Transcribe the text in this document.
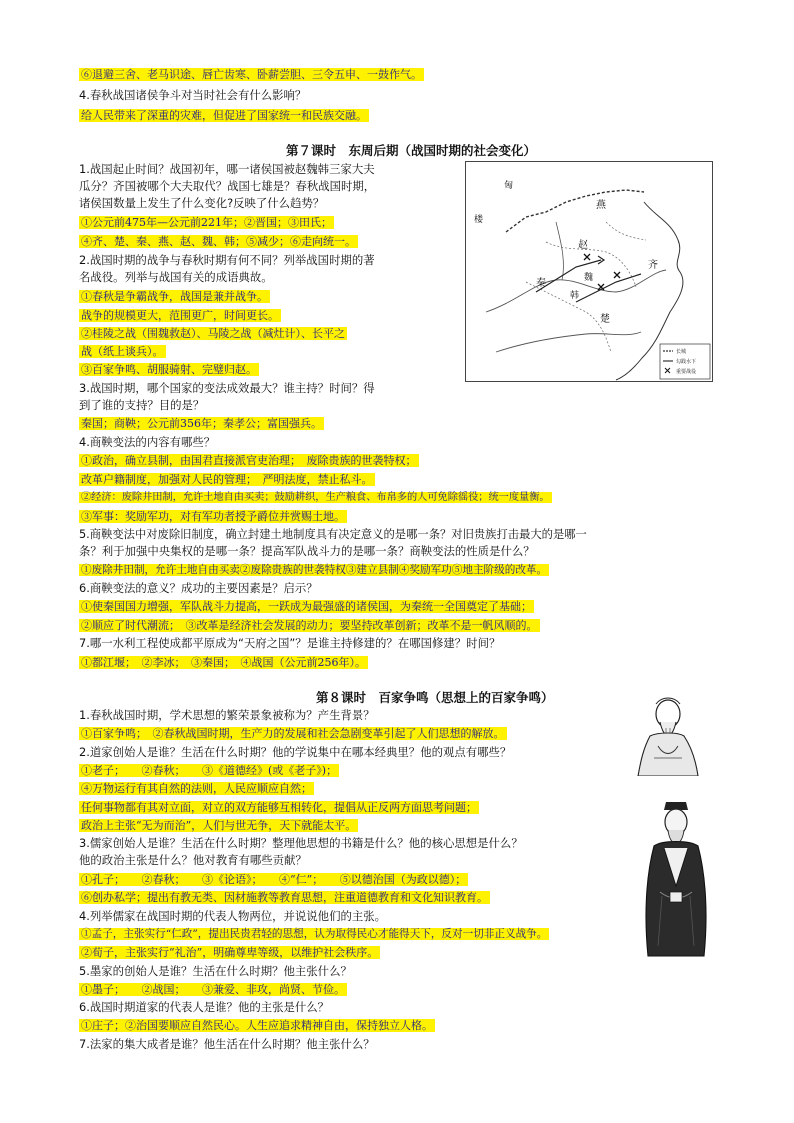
⑥退避三舍、老马识途、唇亡齿寒、卧薪尝胆、三令五申、一鼓作气。
4.春秋战国诸侯争斗对当时社会有什么影响？
给人民带来了深重的灾难，但促进了国家统一和民族交融。
第７课时　东周后期（战国时期的社会变化）
1.战国起止时间？战国初年，哪一诸侯国被赵魏韩三家大夫
瓜分？齐国被哪个大夫取代？战国七雄是？春秋战国时期，
诸侯国数量上发生了什么变化?反映了什么趋势？
①公元前475年—公元前221年；②晋国；③田氏；
④齐、楚、秦、燕、赵、魏、韩；⑤减少；⑥走向统一。
2.战国时期的战争与春秋时期有何不同？列举战国时期的著
名战役。列举与战国有关的成语典故。
①春秋是争霸战争，战国是兼并战争。
战争的规模更大，范围更广，时间更长。
②桂陵之战（围魏救赵）、马陵之战（减灶计）、长平之
战（纸上谈兵）。
③百家争鸣、胡服骑射、完璧归赵。
3.战国时期，哪个国家的变法成效最大？谁主持？时间？得
到了谁的支持？目的是？
秦国；商鞅；公元前356年；秦孝公；富国强兵。
4.商鞅变法的内容有哪些？
①政治，确立县制，由国君直接派官吏治理；　废除贵族的世袭特权；
改革户籍制度，加强对人民的管理；　严明法度，禁止私斗。
②经济：废除井田制，允许土地自由买卖；鼓励耕织，生产粮食、布帛多的人可免除徭役；统一度量衡。
③军事：奖励军功，对有军功者授予爵位并赏赐土地。
5.商鞅变法中对废除旧制度，确立封建土地制度具有决定意义的是哪一条？对旧贵族打击最大的是哪一
条？利于加强中央集权的是哪一条？提高军队战斗力的是哪一条？商鞅变法的性质是什么？
①废除井田制，允许土地自由买卖②废除贵族的世袭特权③建立县制④奖励军功⑤地主阶级的改革。
6.商鞅变法的意义？成功的主要因素是？启示？
①使秦国国力增强，军队战斗力提高，一跃成为最强盛的诸侯国，为秦统一全国奠定了基础；
②顺应了时代潮流；　③改革是经济社会发展的动力；要坚持改革创新；改革不是一帆风顺的。
7.哪一水利工程使成都平原成为“天府之国”？是谁主持修建的？在哪国修建？时间？
①都江堰；　②李冰；　③秦国；　④战国（公元前256年）。
燕
赵
齐
秦	魏
韩
楚
匈
楼
长城
勾践水下
重要战役
第８课时　百家争鸣（思想上的百家争鸣）
1.春秋战国时期，学术思想的繁荣景象被称为？产生背景？
①百家争鸣；　②春秋战国时期，生产力的发展和社会急剧变革引起了人们思想的解放。
2.道家创始人是谁？生活在什么时期？他的学说集中在哪本经典里？他的观点有哪些？
①老子；　　②春秋；　　③《道德经》(或《老子》)；
④万物运行有其自然的法则，人民应顺应自然；
任何事物都有其对立面，对立的双方能够互相转化，提倡从正反两方面思考问题；
政治上主张“无为而治”，人们与世无争，天下就能太平。
3.儒家创始人是谁？生活在什么时期？整理他思想的书籍是什么？他的核心思想是什么？
他的政治主张是什么？他对教育有哪些贡献？
①孔子；　　②春秋；　　③《论语》；　　④“仁”；　　⑤以德治国（为政以德）；
⑥创办私学；提出有教无类、因材施教等教育思想，注重道德教育和文化知识教育。
4.列举儒家在战国时期的代表人物两位，并说说他们的主张。
①孟子，主张实行“仁政”，提出民贵君轻的思想，认为取得民心才能得天下，反对一切非正义战争。
②荀子，主张实行“礼治”，明确尊卑等级，以维护社会秩序。
5.墨家的创始人是谁？生活在什么时期？他主张什么？
①墨子；　　②战国；　　③兼爱、非攻，尚贤、节俭。
6.战国时期道家的代表人是谁？他的主张是什么？
①庄子；②治国要顺应自然民心。人生应追求精神自由，保持独立人格。
7.法家的集大成者是谁？他生活在什么时期？他主张什么？
